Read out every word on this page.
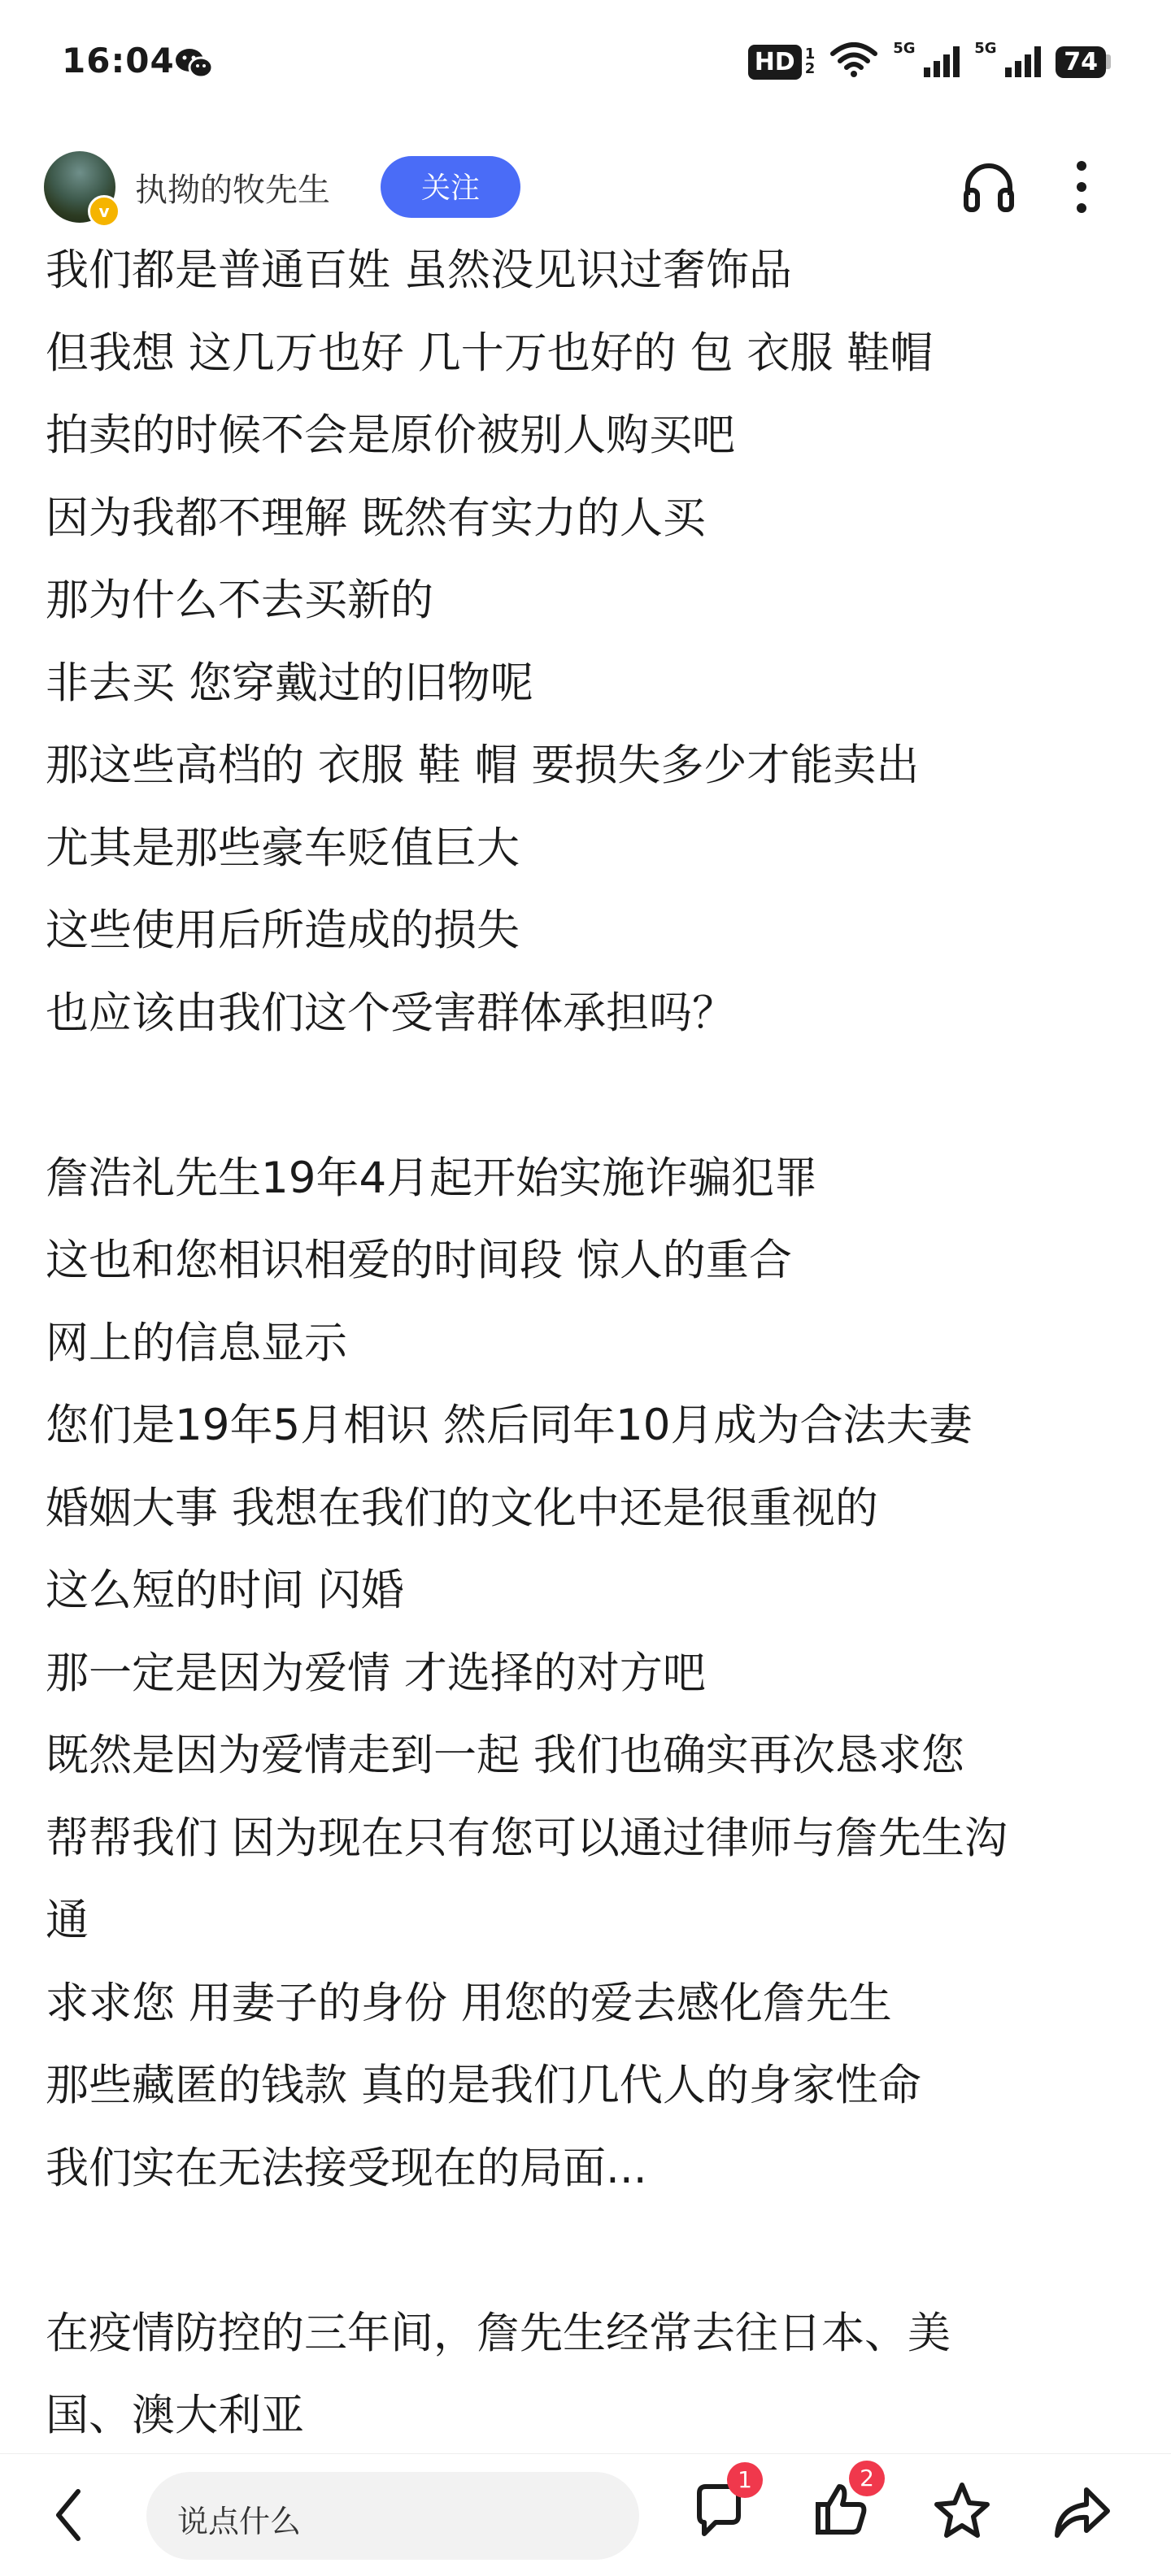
16:04	HD 1
2
5G	5G	74
我们都是普通百姓 虽然没见识过奢饰品
但我想 这几万也好 几十万也好的 包 衣服 鞋帽
拍卖的时候不会是原价被别人购买吧
因为我都不理解 既然有实力的人买
那为什么不去买新的
非去买 您穿戴过的旧物呢
那这些高档的 衣服 鞋 帽 要损失多少才能卖出
尤其是那些豪车贬值巨大
这些使用后所造成的损失
也应该由我们这个受害群体承担吗？
詹浩礼先生19年4月起开始实施诈骗犯罪
这也和您相识相爱的时间段 惊人的重合
网上的信息显示
您们是19年5月相识 然后同年10月成为合法夫妻
婚姻大事 我想在我们的文化中还是很重视的
这么短的时间 闪婚
那一定是因为爱情 才选择的对方吧
既然是因为爱情走到一起 我们也确实再次恳求您
帮帮我们 因为现在只有您可以通过律师与詹先生沟
通
求求您 用妻子的身份 用您的爱去感化詹先生
那些藏匿的钱款 真的是我们几代人的身家性命
我们实在无法接受现在的局面...
在疫情防控的三年间，詹先生经常去往日本、美
国、澳大利亚
v
执拗的牧先生	关注
说点什么
1	2
